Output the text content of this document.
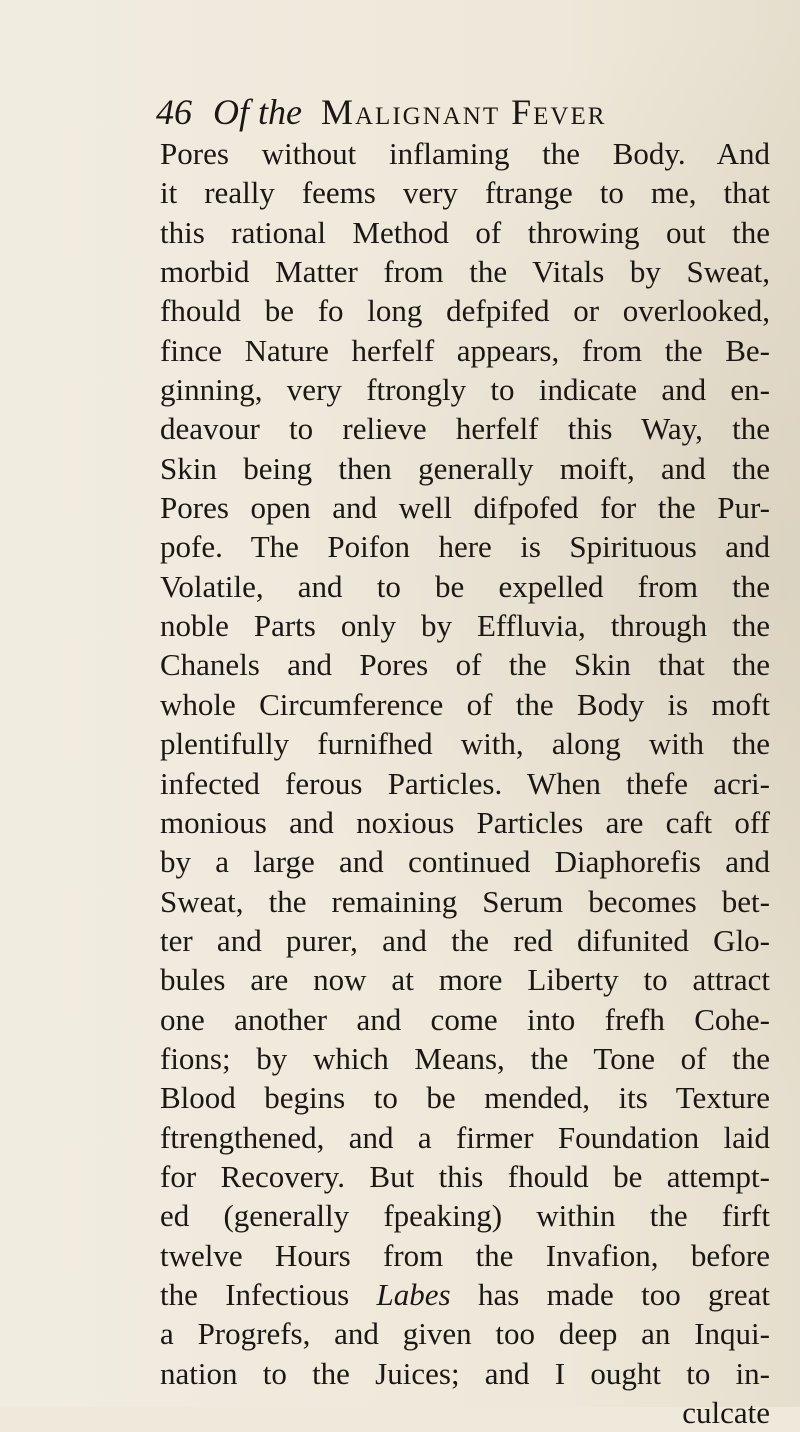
46 Of the Malignant Fever
Pores without inflaming the Body. And
it really feems very ftrange to me, that
this rational Method of throwing out the
morbid Matter from the Vitals by Sweat,
fhould be fo long defpifed or overlooked,
fince Nature herfelf appears, from the Be-
ginning, very ftrongly to indicate and en-
deavour to relieve herfelf this Way, the
Skin being then generally moift, and the
Pores open and well difpofed for the Pur-
pofe. The Poifon here is Spirituous and
Volatile, and to be expelled from the
noble Parts only by Effluvia, through the
Chanels and Pores of the Skin that the
whole Circumference of the Body is moft
plentifully furnifhed with, along with the
infected ferous Particles. When thefe acri-
monious and noxious Particles are caft off
by a large and continued Diaphorefis and
Sweat, the remaining Serum becomes bet-
ter and purer, and the red difunited Glo-
bules are now at more Liberty to attract
one another and come into frefh Cohe-
fions; by which Means, the Tone of the
Blood begins to be mended, its Texture
ftrengthened, and a firmer Foundation laid
for Recovery. But this fhould be attempt-
ed (generally fpeaking) within the firft
twelve Hours from the Invafion, before
the Infectious Labes has made too great
a Progrefs, and given too deep an Inqui-
nation to the Juices; and I ought to in-
culcate
